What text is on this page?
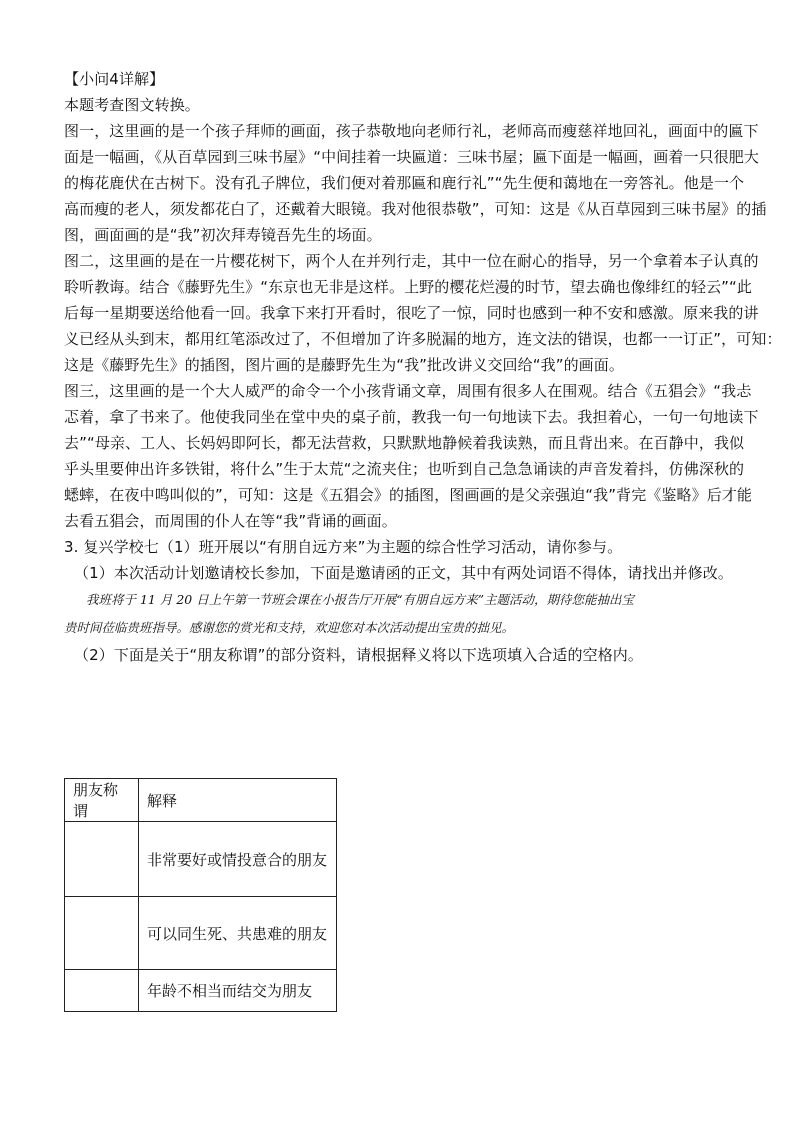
【小问4详解】
本题考查图文转换。
图一，这里画的是一个孩子拜师的画面，孩子恭敬地向老师行礼，老师高而瘦慈祥地回礼，画面中的匾下
面是一幅画，《从百草园到三味书屋》“中间挂着一块匾道：三味书屋；匾下面是一幅画，画着一只很肥大
的梅花鹿伏在古树下。没有孔子牌位，我们便对着那匾和鹿行礼”“先生便和蔼地在一旁答礼。他是一个
高而瘦的老人，须发都花白了，还戴着大眼镜。我对他很恭敬”，可知：这是《从百草园到三味书屋》的插
图，画面画的是“我”初次拜寿镜吾先生的场面。
图二，这里画的是在一片樱花树下，两个人在并列行走，其中一位在耐心的指导，另一个拿着本子认真的
聆听教诲。结合《藤野先生》“东京也无非是这样。上野的樱花烂漫的时节，望去确也像绯红的轻云”“此
后每一星期要送给他看一回。我拿下来打开看时，很吃了一惊，同时也感到一种不安和感激。原来我的讲
义已经从头到末，都用红笔添改过了，不但增加了许多脱漏的地方，连文法的错误，也都一一订正”，可知：
这是《藤野先生》的插图，图片画的是藤野先生为“我”批改讲义交回给“我”的画面。
图三，这里画的是一个大人威严的命令一个小孩背诵文章，周围有很多人在围观。结合《五猖会》“我忐
忑着，拿了书来了。他使我同坐在堂中央的桌子前，教我一句一句地读下去。我担着心，一句一句地读下
去”“母亲、工人、长妈妈即阿长，都无法营救，只默默地静候着我读熟，而且背出来。在百静中，我似
乎头里要伸出许多铁钳，将什么”生于太荒“之流夹住；也听到自己急急诵读的声音发着抖，仿佛深秋的
蟋蟀，在夜中鸣叫似的”，可知：这是《五猖会》的插图，图画画的是父亲强迫“我”背完《鉴略》后才能
去看五猖会，而周围的仆人在等“我”背诵的画面。
3. 复兴学校七（1）班开展以“有朋自远方来”为主题的综合性学习活动，请你参与。
（1）本次活动计划邀请校长参加，下面是邀请函的正文，其中有两处词语不得体，请找出并修改。
我班将于 11 月 20 日上午第一节班会课在小报告厅开展“有朋自远方来”主题活动，期待您能抽出宝
贵时间莅临贵班指导。感谢您的赏光和支持，欢迎您对本次活动提出宝贵的拙见。
（2）下面是关于“朋友称谓”的部分资料，请根据释义将以下选项填入合适的空格内。
朋友称谓	解释
	非常要好或情投意合的朋友
	可以同生死、共患难的朋友
	年龄不相当而结交为朋友
